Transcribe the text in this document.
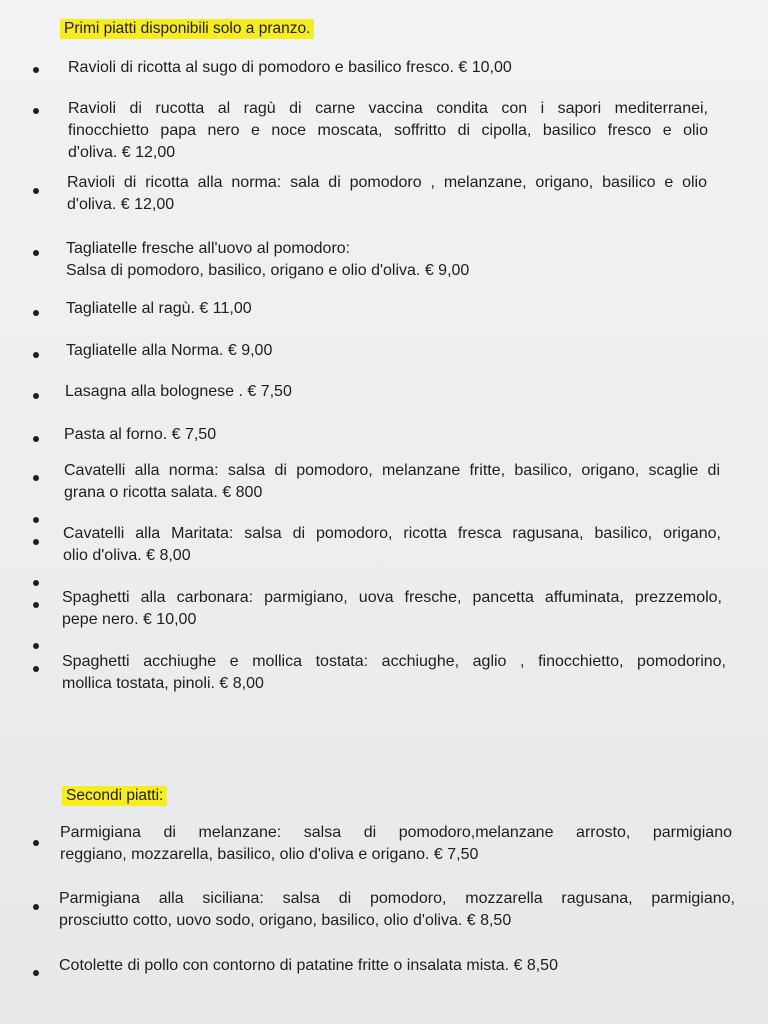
Primi piatti disponibili solo a pranzo.
Ravioli di ricotta al sugo di pomodoro e basilico fresco. € 10,00
Ravioli di rucotta al ragù di carne vaccina condita con i sapori mediterranei,
finocchietto papa nero e noce moscata, soffritto di cipolla, basilico fresco e olio
d'oliva. € 12,00
Ravioli di ricotta alla norma: sala di pomodoro , melanzane, origano, basilico e olio
d'oliva. € 12,00
Tagliatelle fresche all'uovo al pomodoro:
Salsa di pomodoro, basilico, origano e olio d'oliva. € 9,00
Tagliatelle al ragù. € 11,00
Tagliatelle alla Norma. € 9,00
Lasagna alla bolognese . € 7,50
Pasta al forno. € 7,50
Cavatelli alla norma: salsa di pomodoro, melanzane fritte, basilico, origano, scaglie di
grana o ricotta salata. € 800
Cavatelli alla Maritata: salsa di pomodoro, ricotta fresca ragusana, basilico, origano,
olio d'oliva. € 8,00
Spaghetti alla carbonara: parmigiano, uova fresche, pancetta affuminata, prezzemolo,
pepe nero. € 10,00
Spaghetti acchiughe e mollica tostata: acchiughe, aglio , finocchietto, pomodorino,
mollica tostata, pinoli. € 8,00
Secondi piatti:
Parmigiana di melanzane: salsa di pomodoro,melanzane arrosto, parmigiano
reggiano, mozzarella, basilico, olio d'oliva e origano. € 7,50
Parmigiana alla siciliana: salsa di pomodoro, mozzarella ragusana, parmigiano,
prosciutto cotto, uovo sodo, origano, basilico, olio d'oliva. € 8,50
Cotolette di pollo con contorno di patatine fritte o insalata mista. € 8,50
